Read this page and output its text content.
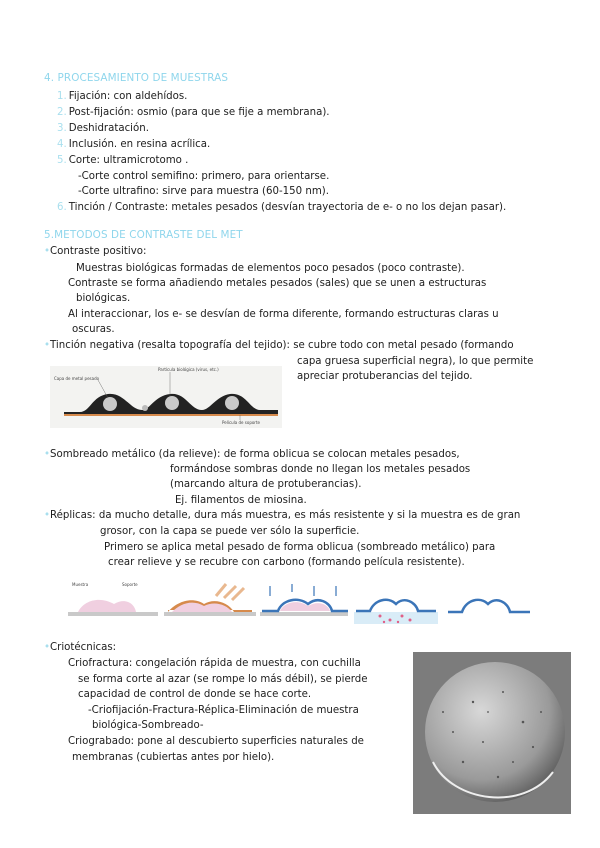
4. PROCESAMIENTO DE MUESTRAS
1. Fijación: con aldehídos.
2. Post-fijación: osmio (para que se fije a membrana).
3. Deshidratación.
4. Inclusión. en resina acrílica.
5. Corte: ultramicrotomo .
-Corte control semifino: primero, para orientarse.
-Corte ultrafino: sirve para muestra (60-150 nm).
6. Tinción / Contraste: metales pesados (desvían trayectoria de e- o no los dejan pasar).
5.METODOS DE CONTRASTE DEL MET
•Contraste positivo:
Muestras biológicas formadas de elementos poco pesados (poco contraste).
Contraste se forma añadiendo metales pesados (sales) que se unen a estructuras
biológicas.
Al interaccionar, los e- se desvían de forma diferente, formando estructuras claras u
oscuras.
•Tinción negativa (resalta topografía del tejido): se cubre todo con metal pesado (formando
capa gruesa superficial negra), lo que permite
apreciar protuberancias del tejido.
Capa de metal pesado
Partícula biológica (virus, etc.)
Película de soporte
•Sombreado metálico (da relieve): de forma oblicua se colocan metales pesados,
formándose sombras donde no llegan los metales pesados
(marcando altura de protuberancias).
Ej. filamentos de miosina.
•Réplicas: da mucho detalle, dura más muestra, es más resistente y si la muestra es de gran
grosor, con la capa se puede ver sólo la superficie.
Primero se aplica metal pesado de forma oblicua (sombreado metálico) para
crear relieve y se recubre con carbono (formando película resistente).
Muestra	Soporte
•Criotécnicas:
Criofractura: congelación rápida de muestra, con cuchilla
se forma corte al azar (se rompe lo más débil), se pierde
capacidad de control de donde se hace corte.
-Criofijación-Fractura-Réplica-Eliminación de muestra
biológica-Sombreado-
Criograbado: pone al descubierto superficies naturales de
membranas (cubiertas antes por hielo).
